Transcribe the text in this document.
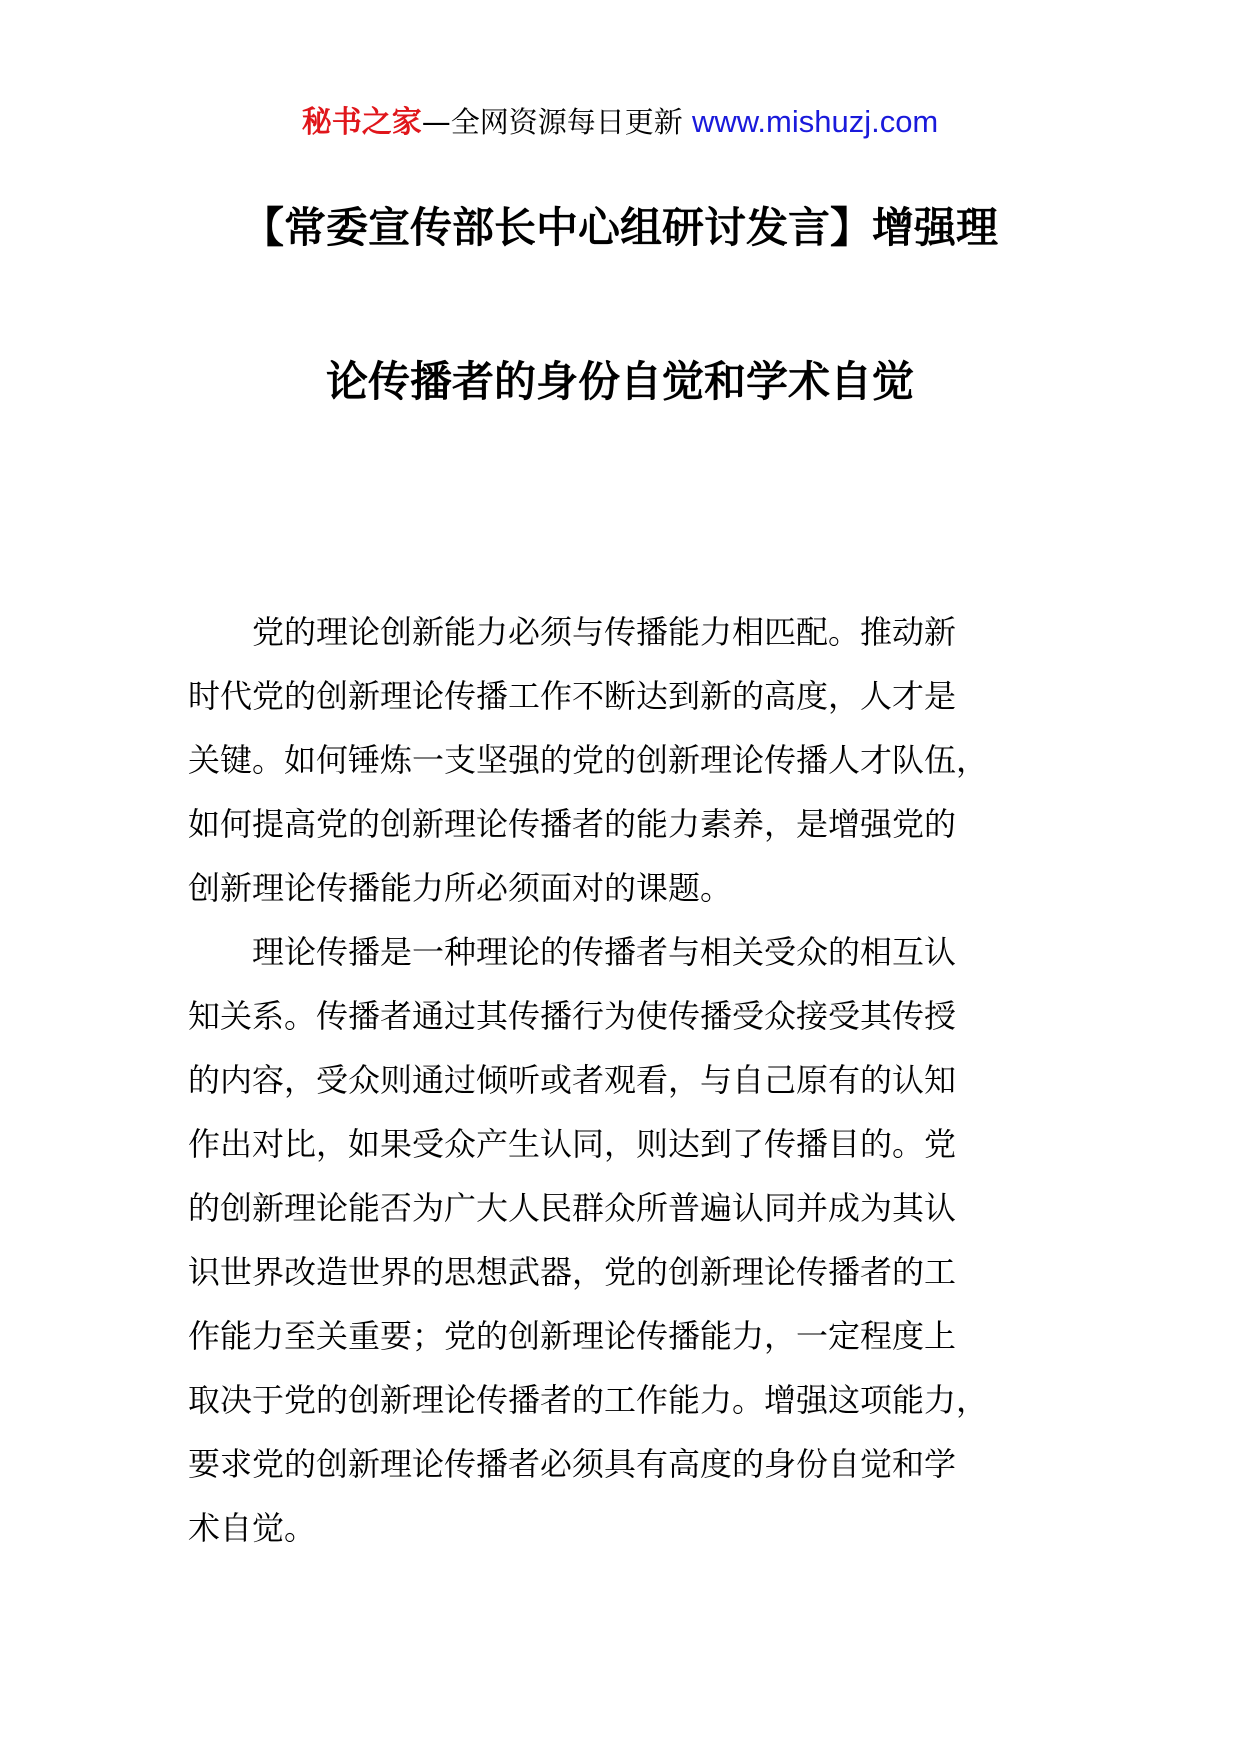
秘书之家—全网资源每日更新 www.mishuzj.com
【常委宣传部长中心组研讨发言】增强理
论传播者的身份自觉和学术自觉

　　党的理论创新能力必须与传播能力相匹配。推动新
时代党的创新理论传播工作不断达到新的高度，人才是
关键。如何锤炼一支坚强的党的创新理论传播人才队伍，
如何提高党的创新理论传播者的能力素养，是增强党的
创新理论传播能力所必须面对的课题。

　　理论传播是一种理论的传播者与相关受众的相互认
知关系。传播者通过其传播行为使传播受众接受其传授
的内容，受众则通过倾听或者观看，与自己原有的认知
作出对比，如果受众产生认同，则达到了传播目的。党
的创新理论能否为广大人民群众所普遍认同并成为其认
识世界改造世界的思想武器，党的创新理论传播者的工
作能力至关重要；党的创新理论传播能力，一定程度上
取决于党的创新理论传播者的工作能力。增强这项能力，
要求党的创新理论传播者必须具有高度的身份自觉和学
术自觉。
